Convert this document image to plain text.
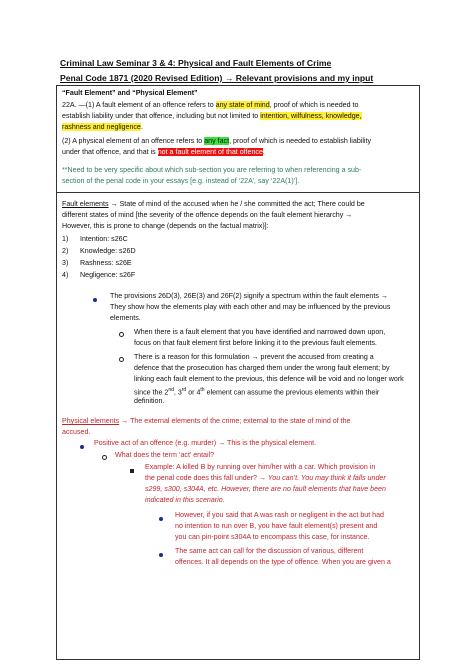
Criminal Law Seminar 3 & 4: Physical and Fault Elements of Crime
Penal Code 1871 (2020 Revised Edition) → Relevant provisions and my input
“Fault Element” and “Physical Element”
22A. —(1) A fault element of an offence refers to any state of mind, proof of which is needed to
establish liability under that offence, including but not limited to intention, wilfulness, knowledge,
rashness and negligence.
(2) A physical element of an offence refers to any fact, proof of which is needed to establish liability
under that offence, and that is not a fault element of that offence.
**Need to be very specific about which sub-section you are referring to when referencing a sub-
section of the penal code in your essays [e.g. instead of ‘22A’, say ‘22A(1)’].
Fault elements → State of mind of the accused when he / she committed the act; There could be
different states of mind [the severity of the offence depends on the fault element hierarchy →
However, this is prone to change (depends on the factual matrix)]:
1) Intention: s26C
2) Knowledge: s26D
3) Rashness: s26E
4) Negligence: s26F
The provisions 26D(3), 26E(3) and 26F(2) signify a spectrum within the fault elements →
They show how the elements play with each other and may be influenced by the previous
elements.
When there is a fault element that you have identified and narrowed down upon,
focus on that fault element first before linking it to the previous fault elements.
There is a reason for this formulation → prevent the accused from creating a
defence that the prosecution has charged them under the wrong fault element; by
linking each fault element to the previous, this defence will be void and no longer work
since the 2nd, 3rd or 4th element can assume the previous elements within their
definition.
Physical elements → The external elements of the crime; external to the state of mind of the
accused.
Positive act of an offence (e.g. murder) → This is the physical element.
What does the term ‘act’ entail?
Example: A killed B by running over him/her with a car. Which provision in
the penal code does this fall under? → You can’t. You may think it falls under
s299, s300, s304A, etc. However, there are no fault elements that have been
indicated in this scenario.
However, if you said that A was rash or negligent in the act but had
no intention to run over B, you have fault element(s) present and
you can pin-point s304A to encompass this case, for instance.
The same act can call for the discussion of various, different
offences. It all depends on the type of offence. When you are given a
